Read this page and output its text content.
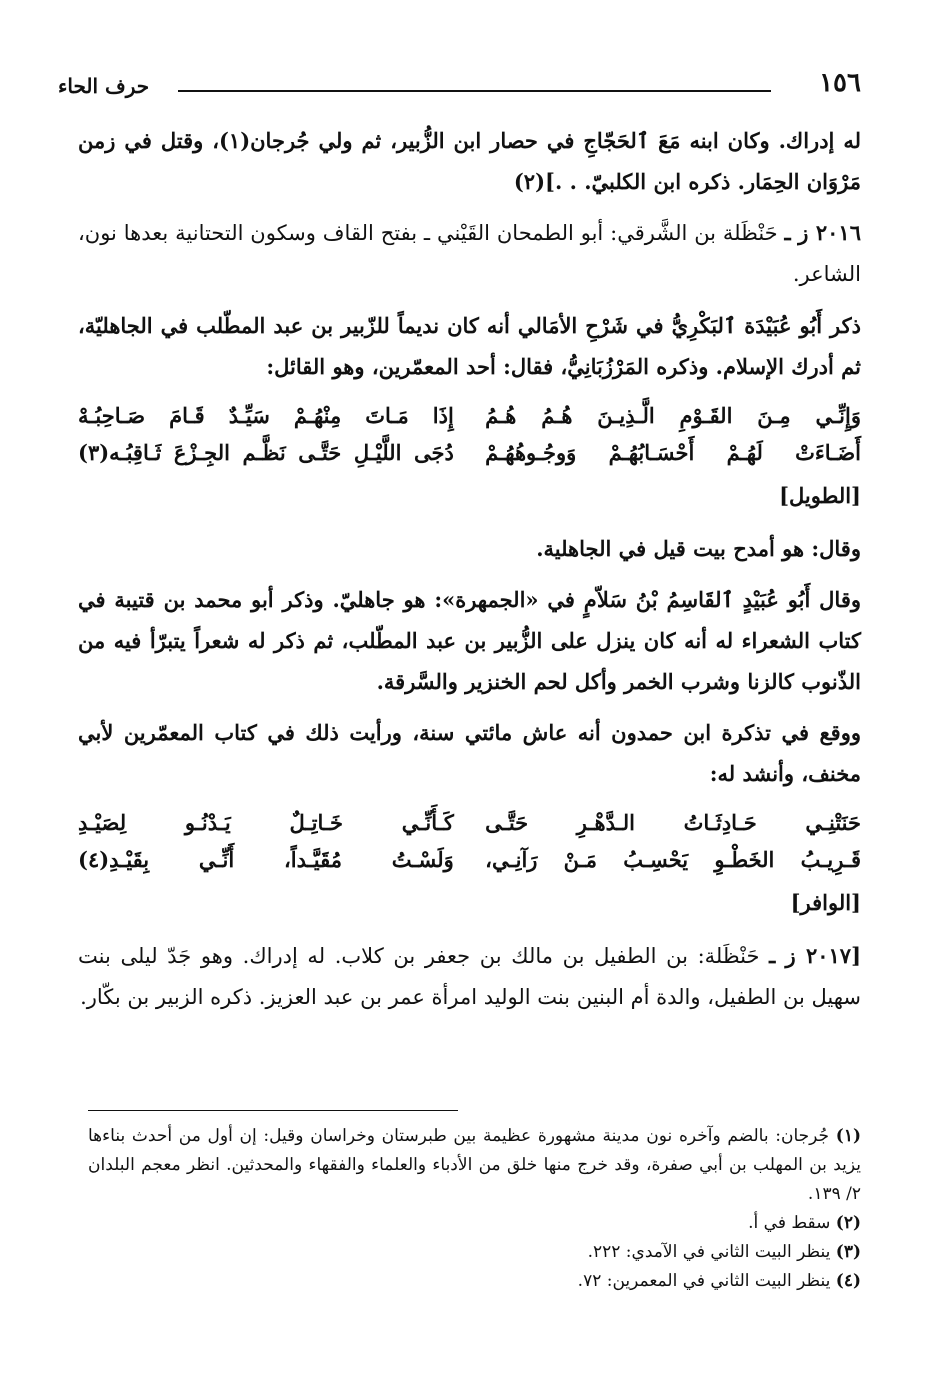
١٥٦
حرف الحاء

له إدراك. وكان ابنه مَعَ ٱلحَجّاجِ في حصار ابن الزُّبير، ثم ولي جُرجان(١)، وقتل في زمن مَرْوَان الحِمَار. ذكره ابن الكلبيّ. . .](٢)

٢٠١٦ ز ـ حَنْظَلة بن الشَّرقي: أبو الطمحان القَيْني ـ بفتح القاف وسكون التحتانية بعدها نون، الشاعر.

ذكر أَبُو عُبَيْدَة ٱلبَكْرِيُّ في شَرْحِ الأمَالي أنه كان نديماً للزّبير بن عبد المطّلب في الجاهليّة، ثم أدرك الإسلام. وذكره المَرْزُبَانِيُّ، فقال: أحد المعمّرين، وهو القائل:

وَإِنِّـي مِـنَ القَـوْمِ الَّـذِيـنَ هُـمُ هُـمُ
إِذَا مَـاتَ مِنْهُـمْ سَيِّـدٌ قَـامَ صَـاحِبُـهْ
أَضَـاءَتْ لَهُـمْ أَحْسَـابُهُـمْ وَوجُـوهُهُـمْ
دُجَى اللَّيْـلِ حَتَّـى نَظَّـم الجِـزْعَ ثَـاقِبُـه(٣)
[الطويل]

وقال: هو أمدح بيت قيل في الجاهلية.

وقال أَبُو عُبَيْدٍ ٱلقَاسِمُ بْنُ سَلاّمٍ في «الجمهرة»: هو جاهليّ. وذكر أبو محمد بن قتيبة في كتاب الشعراء له أنه كان ينزل على الزُّبير بن عبد المطّلب، ثم ذكر له شعراً يتبرّأ فيه من الذّنوب كالزنا وشرب الخمر وأكل لحم الخنزير والسَّرقة.

ووقع في تذكرة ابن حمدون أنه عاش مائتي سنة، ورأيت ذلك في كتاب المعمّرين لأبي مخنف، وأنشد له:

حَنَتْنِـي حَـادِثَـاتُ الـدَّهْـرِ حَتَّـى
كَـأَنِّـي خَـاتِـلٌ يَـدْنُـو لِصَيْـدِ
قَـرِيـبُ الخَطْـوِ يَحْسِـبُ مَـنْ رَآنِـي،
وَلَسْـتُ مُقَيَّـداً، أَنِّـي بِقَيْـدِ(٤)
[الوافر]

[٢٠١٧ ز ـ حَنْظَلة: بن الطفيل بن مالك بن جعفر بن كلاب. له إدراك. وهو جَدّ ليلى بنت سهيل بن الطفيل، والدة أم البنين بنت الوليد امرأة عمر بن عبد العزيز. ذكره الزبير بن بكّار.

(١) جُرجان: بالضم وآخره نون مدينة مشهورة عظيمة بين طبرستان وخراسان وقيل: إن أول من أحدث بناءها يزيد بن المهلب بن أبي صفرة، وقد خرج منها خلق من الأدباء والعلماء والفقهاء والمحدثين. انظر معجم البلدان ٢/ ١٣٩.

(٢) سقط في أ.

(٣) ينظر البيت الثاني في الآمدي: ٢٢٢.

(٤) ينظر البيت الثاني في المعمرين: ٧٢.
